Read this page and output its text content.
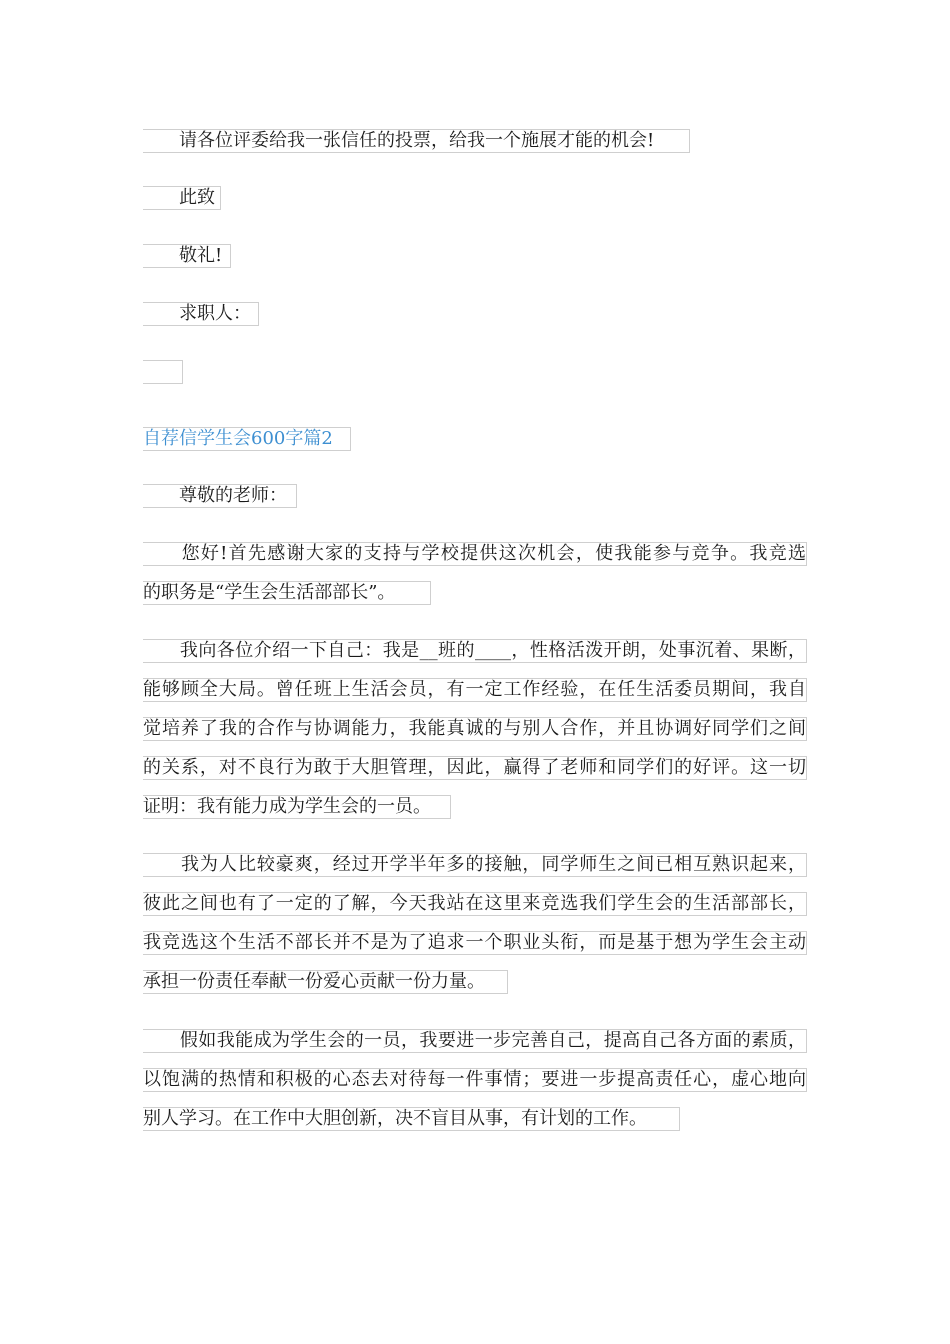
　　请各位评委给我一张信任的投票，给我一个施展才能的机会!
　　此致
　　敬礼!
　　求职人：
自荐信学生会600字篇2
　　尊敬的老师：
　　您好!首先感谢大家的支持与学校提供这次机会，使我能参与竞争。我竞选
的职务是“学生会生活部部长”。
　　我向各位介绍一下自己：我是__班的____，性格活泼开朗，处事沉着、果断，
能够顾全大局。曾任班上生活会员，有一定工作经验，在任生活委员期间，我自
觉培养了我的合作与协调能力，我能真诚的与别人合作，并且协调好同学们之间
的关系，对不良行为敢于大胆管理，因此，赢得了老师和同学们的好评。这一切
证明：我有能力成为学生会的一员。
　　我为人比较豪爽，经过开学半年多的接触，同学师生之间已相互熟识起来，
彼此之间也有了一定的了解，今天我站在这里来竞选我们学生会的生活部部长，
我竞选这个生活不部长并不是为了追求一个职业头衔，而是基于想为学生会主动
承担一份责任奉献一份爱心贡献一份力量。
　　假如我能成为学生会的一员，我要进一步完善自己，提高自己各方面的素质，
以饱满的热情和积极的心态去对待每一件事情；要进一步提高责任心，虚心地向
别人学习。在工作中大胆创新，决不盲目从事，有计划的工作。
